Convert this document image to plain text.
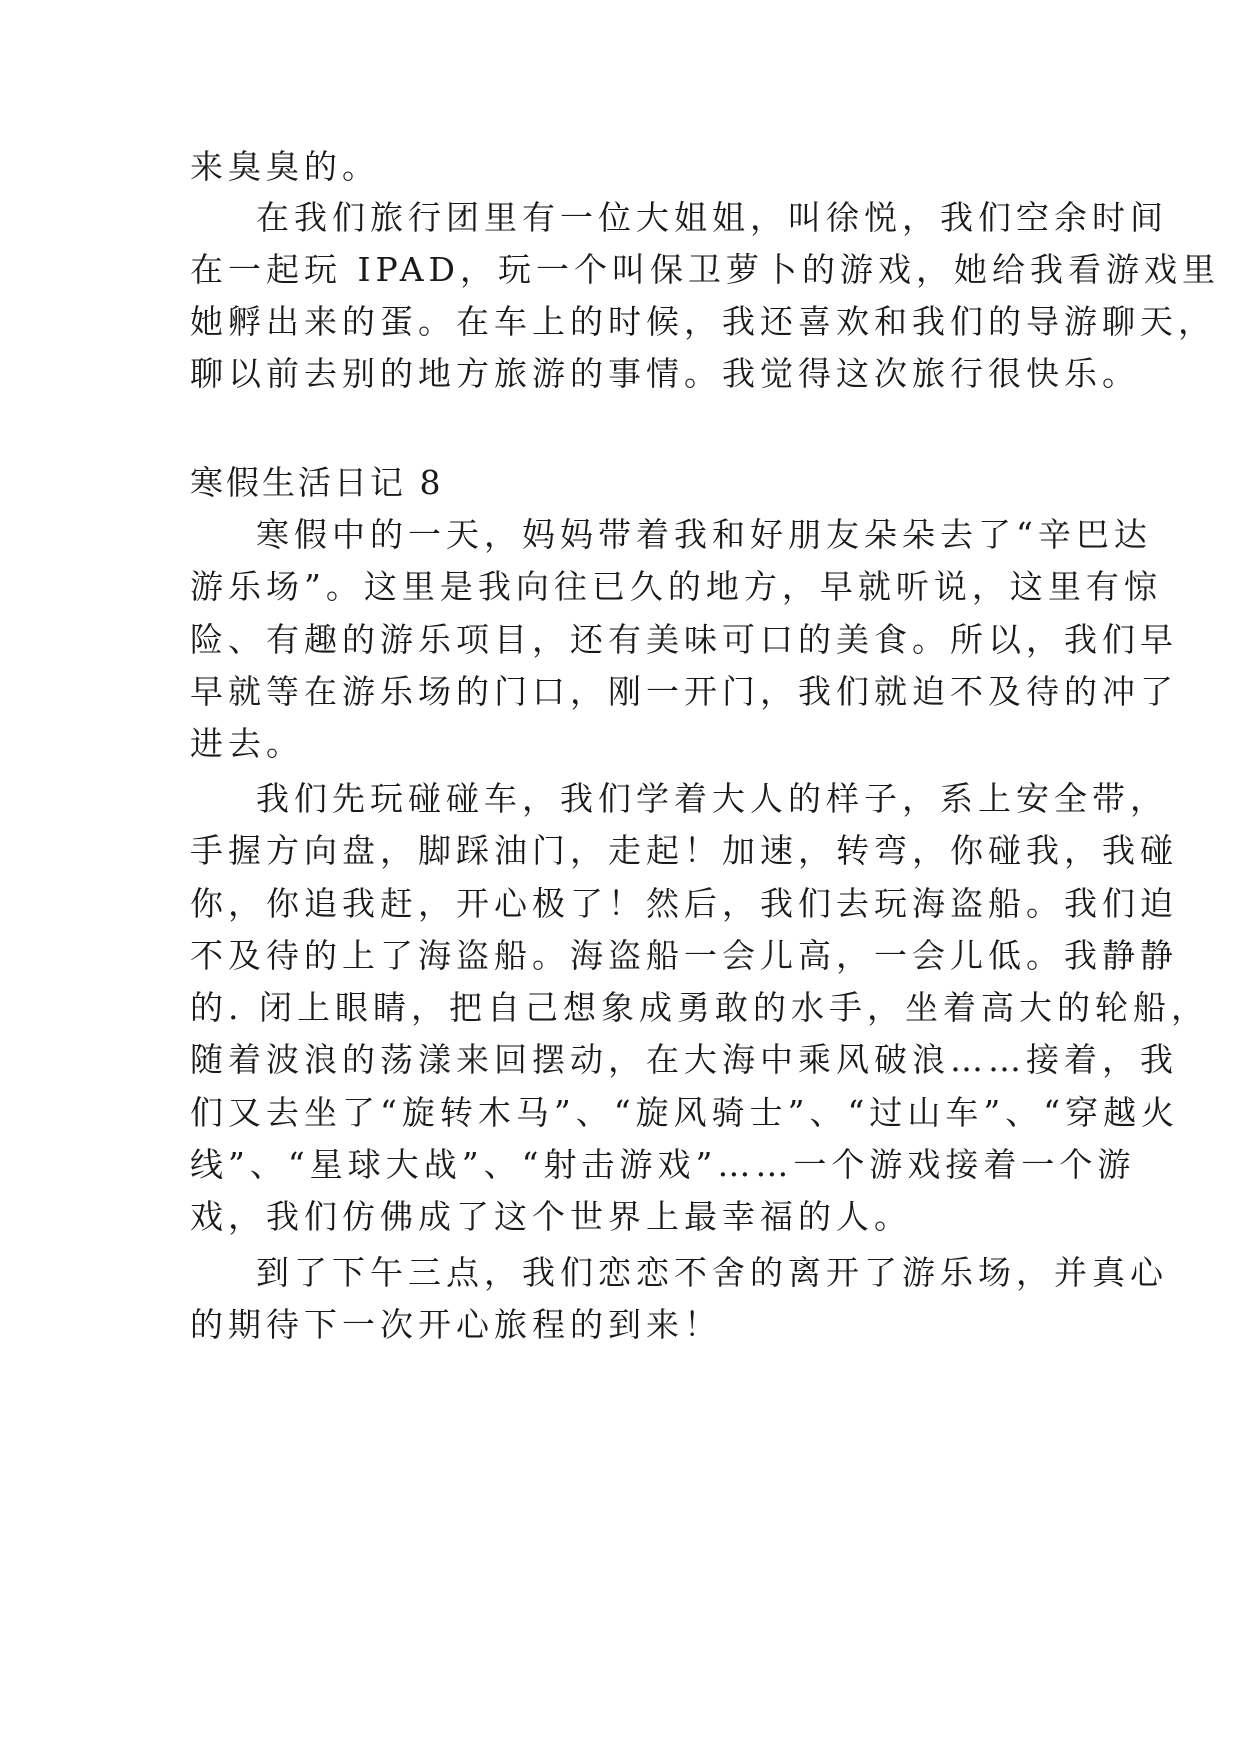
来臭臭的。
在我们旅行团里有一位大姐姐，叫徐悦，我们空余时间
在一起玩 IPAD，玩一个叫保卫萝卜的游戏，她给我看游戏里
她孵出来的蛋。在车上的时候，我还喜欢和我们的导游聊天，
聊以前去别的地方旅游的事情。我觉得这次旅行很快乐。
寒假生活日记 8
寒假中的一天，妈妈带着我和好朋友朵朵去了“辛巴达
游乐场”。这里是我向往已久的地方，早就听说，这里有惊
险、有趣的游乐项目，还有美味可口的美食。所以，我们早
早就等在游乐场的门口，刚一开门，我们就迫不及待的冲了
进去。
我们先玩碰碰车，我们学着大人的样子，系上安全带，
手握方向盘，脚踩油门，走起！加速，转弯，你碰我，我碰
你，你追我赶，开心极了！然后，我们去玩海盗船。我们迫
不及待的上了海盗船。海盗船一会儿高，一会儿低。我静静
的. 闭上眼睛，把自己想象成勇敢的水手，坐着高大的轮船，
随着波浪的荡漾来回摆动，在大海中乘风破浪……接着，我
们又去坐了“旋转木马”、“旋风骑士”、“过山车”、“穿越火
线”、“星球大战”、“射击游戏”……一个游戏接着一个游
戏，我们仿佛成了这个世界上最幸福的人。
到了下午三点，我们恋恋不舍的离开了游乐场，并真心
的期待下一次开心旅程的到来！
